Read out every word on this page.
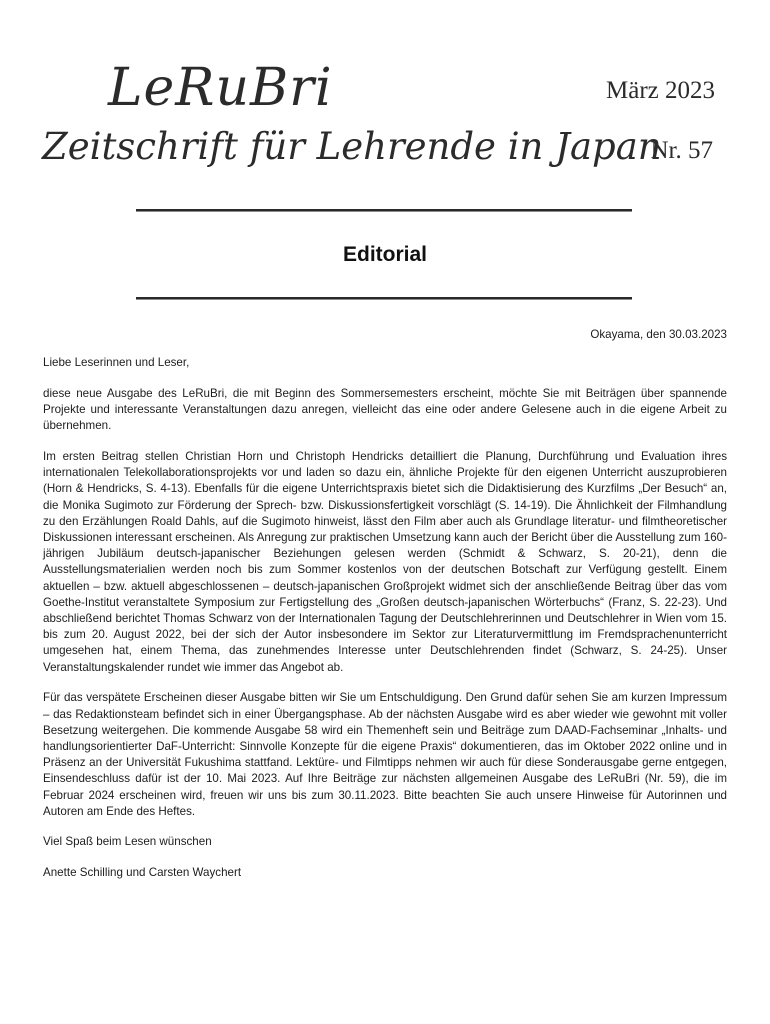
LeRuBri	März 2023
Zeitschrift für Lehrende in Japan
Nr. 57
Editorial
Okayama, den 30.03.2023

Liebe Leserinnen und Leser,

diese neue Ausgabe des LeRuBri, die mit Beginn des Sommersemesters erscheint, möchte Sie mit Beiträgen über spannende Projekte und interessante Veranstaltungen dazu anregen, vielleicht das eine oder andere Gelesene auch in die eigene Arbeit zu übernehmen.

Im ersten Beitrag stellen Christian Horn und Christoph Hendricks detailliert die Planung, Durchführung und Evaluation ihres internationalen Telekollaborationsprojekts vor und laden so dazu ein, ähnliche Projekte für den eigenen Unterricht auszuprobieren (Horn & Hendricks, S. 4-13). Ebenfalls für die eigene Unterrichtspraxis bietet sich die Didaktisierung des Kurzfilms „Der Besuch“ an, die Monika Sugimoto zur Förderung der Sprech- bzw. Diskussionsfertigkeit vorschlägt (S. 14-19). Die Ähnlichkeit der Filmhandlung zu den Erzählungen Roald Dahls, auf die Sugimoto hinweist, lässt den Film aber auch als Grundlage literatur- und filmtheoretischer Diskussionen interessant erscheinen. Als Anregung zur praktischen Umsetzung kann auch der Bericht über die Ausstellung zum 160-jährigen Jubiläum deutsch-japanischer Beziehungen gelesen werden (Schmidt & Schwarz, S. 20-21), denn die Ausstellungsmaterialien werden noch bis zum Sommer kostenlos von der deutschen Botschaft zur Verfügung gestellt. Einem aktuellen – bzw. aktuell abgeschlossenen – deutsch-japanischen Großprojekt widmet sich der anschließende Beitrag über das vom Goethe-Institut veranstaltete Symposium zur Fertigstellung des „Großen deutsch-japanischen Wörterbuchs“ (Franz, S. 22-23). Und abschließend berichtet Thomas Schwarz von der Internationalen Tagung der Deutschlehrerinnen und Deutschlehrer in Wien vom 15. bis zum 20. August 2022, bei der sich der Autor insbesondere im Sektor zur Literaturvermittlung im Fremdsprachenunterricht umgesehen hat, einem Thema, das zunehmendes Interesse unter Deutschlehrenden findet (Schwarz, S. 24-25). Unser Veranstaltungskalender rundet wie immer das Angebot ab.

Für das verspätete Erscheinen dieser Ausgabe bitten wir Sie um Entschuldigung. Den Grund dafür sehen Sie am kurzen Impressum – das Redaktionsteam befindet sich in einer Übergangsphase. Ab der nächsten Ausgabe wird es aber wieder wie gewohnt mit voller Besetzung weitergehen. Die kommende Ausgabe 58 wird ein Themenheft sein und Beiträge zum DAAD-Fachseminar „Inhalts- und handlungsorientierter DaF-Unterricht: Sinnvolle Konzepte für die eigene Praxis“ dokumentieren, das im Oktober 2022 online und in Präsenz an der Universität Fukushima stattfand. Lektüre- und Filmtipps nehmen wir auch für diese Sonderausgabe gerne entgegen, Einsendeschluss dafür ist der 10. Mai 2023. Auf Ihre Beiträge zur nächsten allgemeinen Ausgabe des LeRuBri (Nr. 59), die im Februar 2024 erscheinen wird, freuen wir uns bis zum 30.11.2023. Bitte beachten Sie auch unsere Hinweise für Autorinnen und Autoren am Ende des Heftes.

Viel Spaß beim Lesen wünschen

Anette Schilling und Carsten Waychert
